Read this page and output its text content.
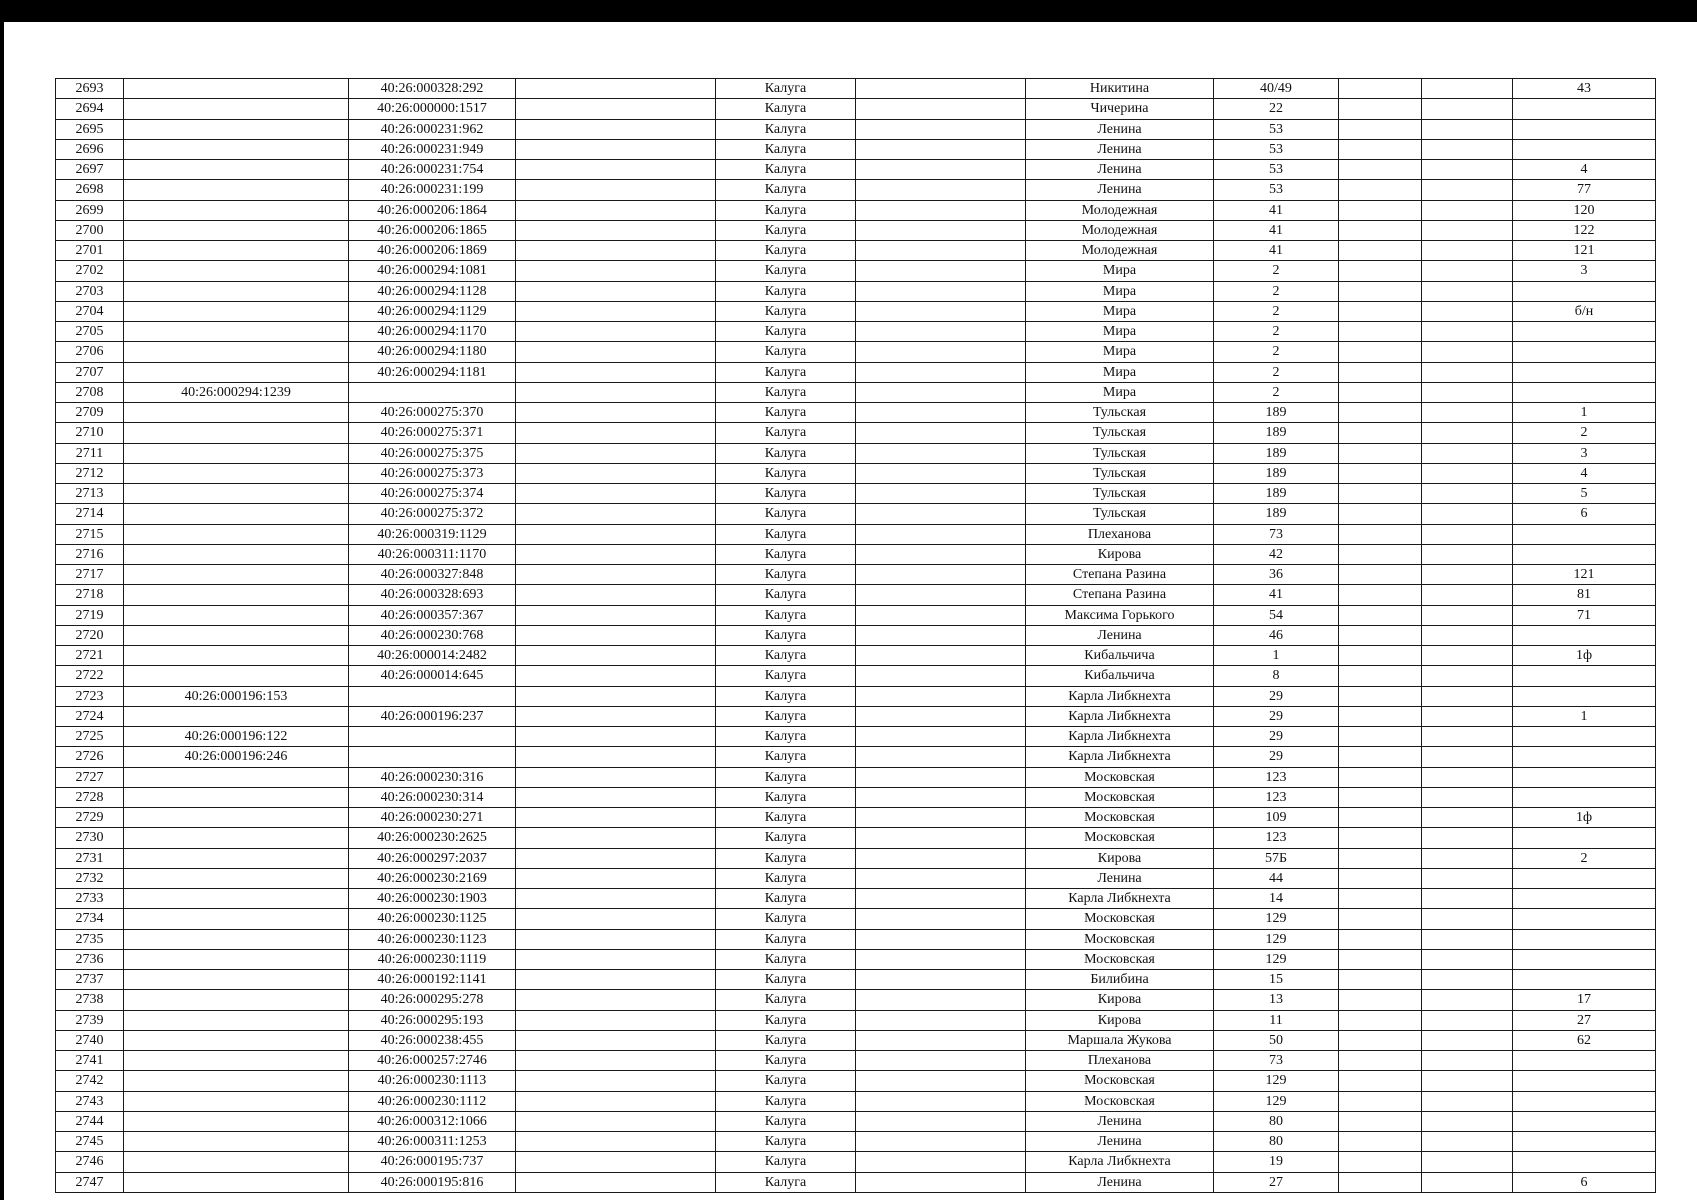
2693		40:26:000328:292		Калуга		Никитина	40/49			43
2694		40:26:000000:1517		Калуга		Чичерина	22			
2695		40:26:000231:962		Калуга		Ленина	53			
2696		40:26:000231:949		Калуга		Ленина	53			
2697		40:26:000231:754		Калуга		Ленина	53			4
2698		40:26:000231:199		Калуга		Ленина	53			77
2699		40:26:000206:1864		Калуга		Молодежная	41			120
2700		40:26:000206:1865		Калуга		Молодежная	41			122
2701		40:26:000206:1869		Калуга		Молодежная	41			121
2702		40:26:000294:1081		Калуга		Мира	2			3
2703		40:26:000294:1128		Калуга		Мира	2			
2704		40:26:000294:1129		Калуга		Мира	2			б/н
2705		40:26:000294:1170		Калуга		Мира	2			
2706		40:26:000294:1180		Калуга		Мира	2			
2707		40:26:000294:1181		Калуга		Мира	2			
2708	40:26:000294:1239			Калуга		Мира	2			
2709		40:26:000275:370		Калуга		Тульская	189			1
2710		40:26:000275:371		Калуга		Тульская	189			2
2711		40:26:000275:375		Калуга		Тульская	189			3
2712		40:26:000275:373		Калуга		Тульская	189			4
2713		40:26:000275:374		Калуга		Тульская	189			5
2714		40:26:000275:372		Калуга		Тульская	189			6
2715		40:26:000319:1129		Калуга		Плеханова	73			
2716		40:26:000311:1170		Калуга		Кирова	42			
2717		40:26:000327:848		Калуга		Степана Разина	36			121
2718		40:26:000328:693		Калуга		Степана Разина	41			81
2719		40:26:000357:367		Калуга		Максима Горького	54			71
2720		40:26:000230:768		Калуга		Ленина	46			
2721		40:26:000014:2482		Калуга		Кибальчича	1			1ф
2722		40:26:000014:645		Калуга		Кибальчича	8			
2723	40:26:000196:153			Калуга		Карла Либкнехта	29			
2724		40:26:000196:237		Калуга		Карла Либкнехта	29			1
2725	40:26:000196:122			Калуга		Карла Либкнехта	29			
2726	40:26:000196:246			Калуга		Карла Либкнехта	29			
2727		40:26:000230:316		Калуга		Московская	123			
2728		40:26:000230:314		Калуга		Московская	123			
2729		40:26:000230:271		Калуга		Московская	109			1ф
2730		40:26:000230:2625		Калуга		Московская	123			
2731		40:26:000297:2037		Калуга		Кирова	57Б			2
2732		40:26:000230:2169		Калуга		Ленина	44			
2733		40:26:000230:1903		Калуга		Карла Либкнехта	14			
2734		40:26:000230:1125		Калуга		Московская	129			
2735		40:26:000230:1123		Калуга		Московская	129			
2736		40:26:000230:1119		Калуга		Московская	129			
2737		40:26:000192:1141		Калуга		Билибина	15			
2738		40:26:000295:278		Калуга		Кирова	13			17
2739		40:26:000295:193		Калуга		Кирова	11			27
2740		40:26:000238:455		Калуга		Маршала Жукова	50			62
2741		40:26:000257:2746		Калуга		Плеханова	73			
2742		40:26:000230:1113		Калуга		Московская	129			
2743		40:26:000230:1112		Калуга		Московская	129			
2744		40:26:000312:1066		Калуга		Ленина	80			
2745		40:26:000311:1253		Калуга		Ленина	80			
2746		40:26:000195:737		Калуга		Карла Либкнехта	19			
2747		40:26:000195:816		Калуга		Ленина	27			6
